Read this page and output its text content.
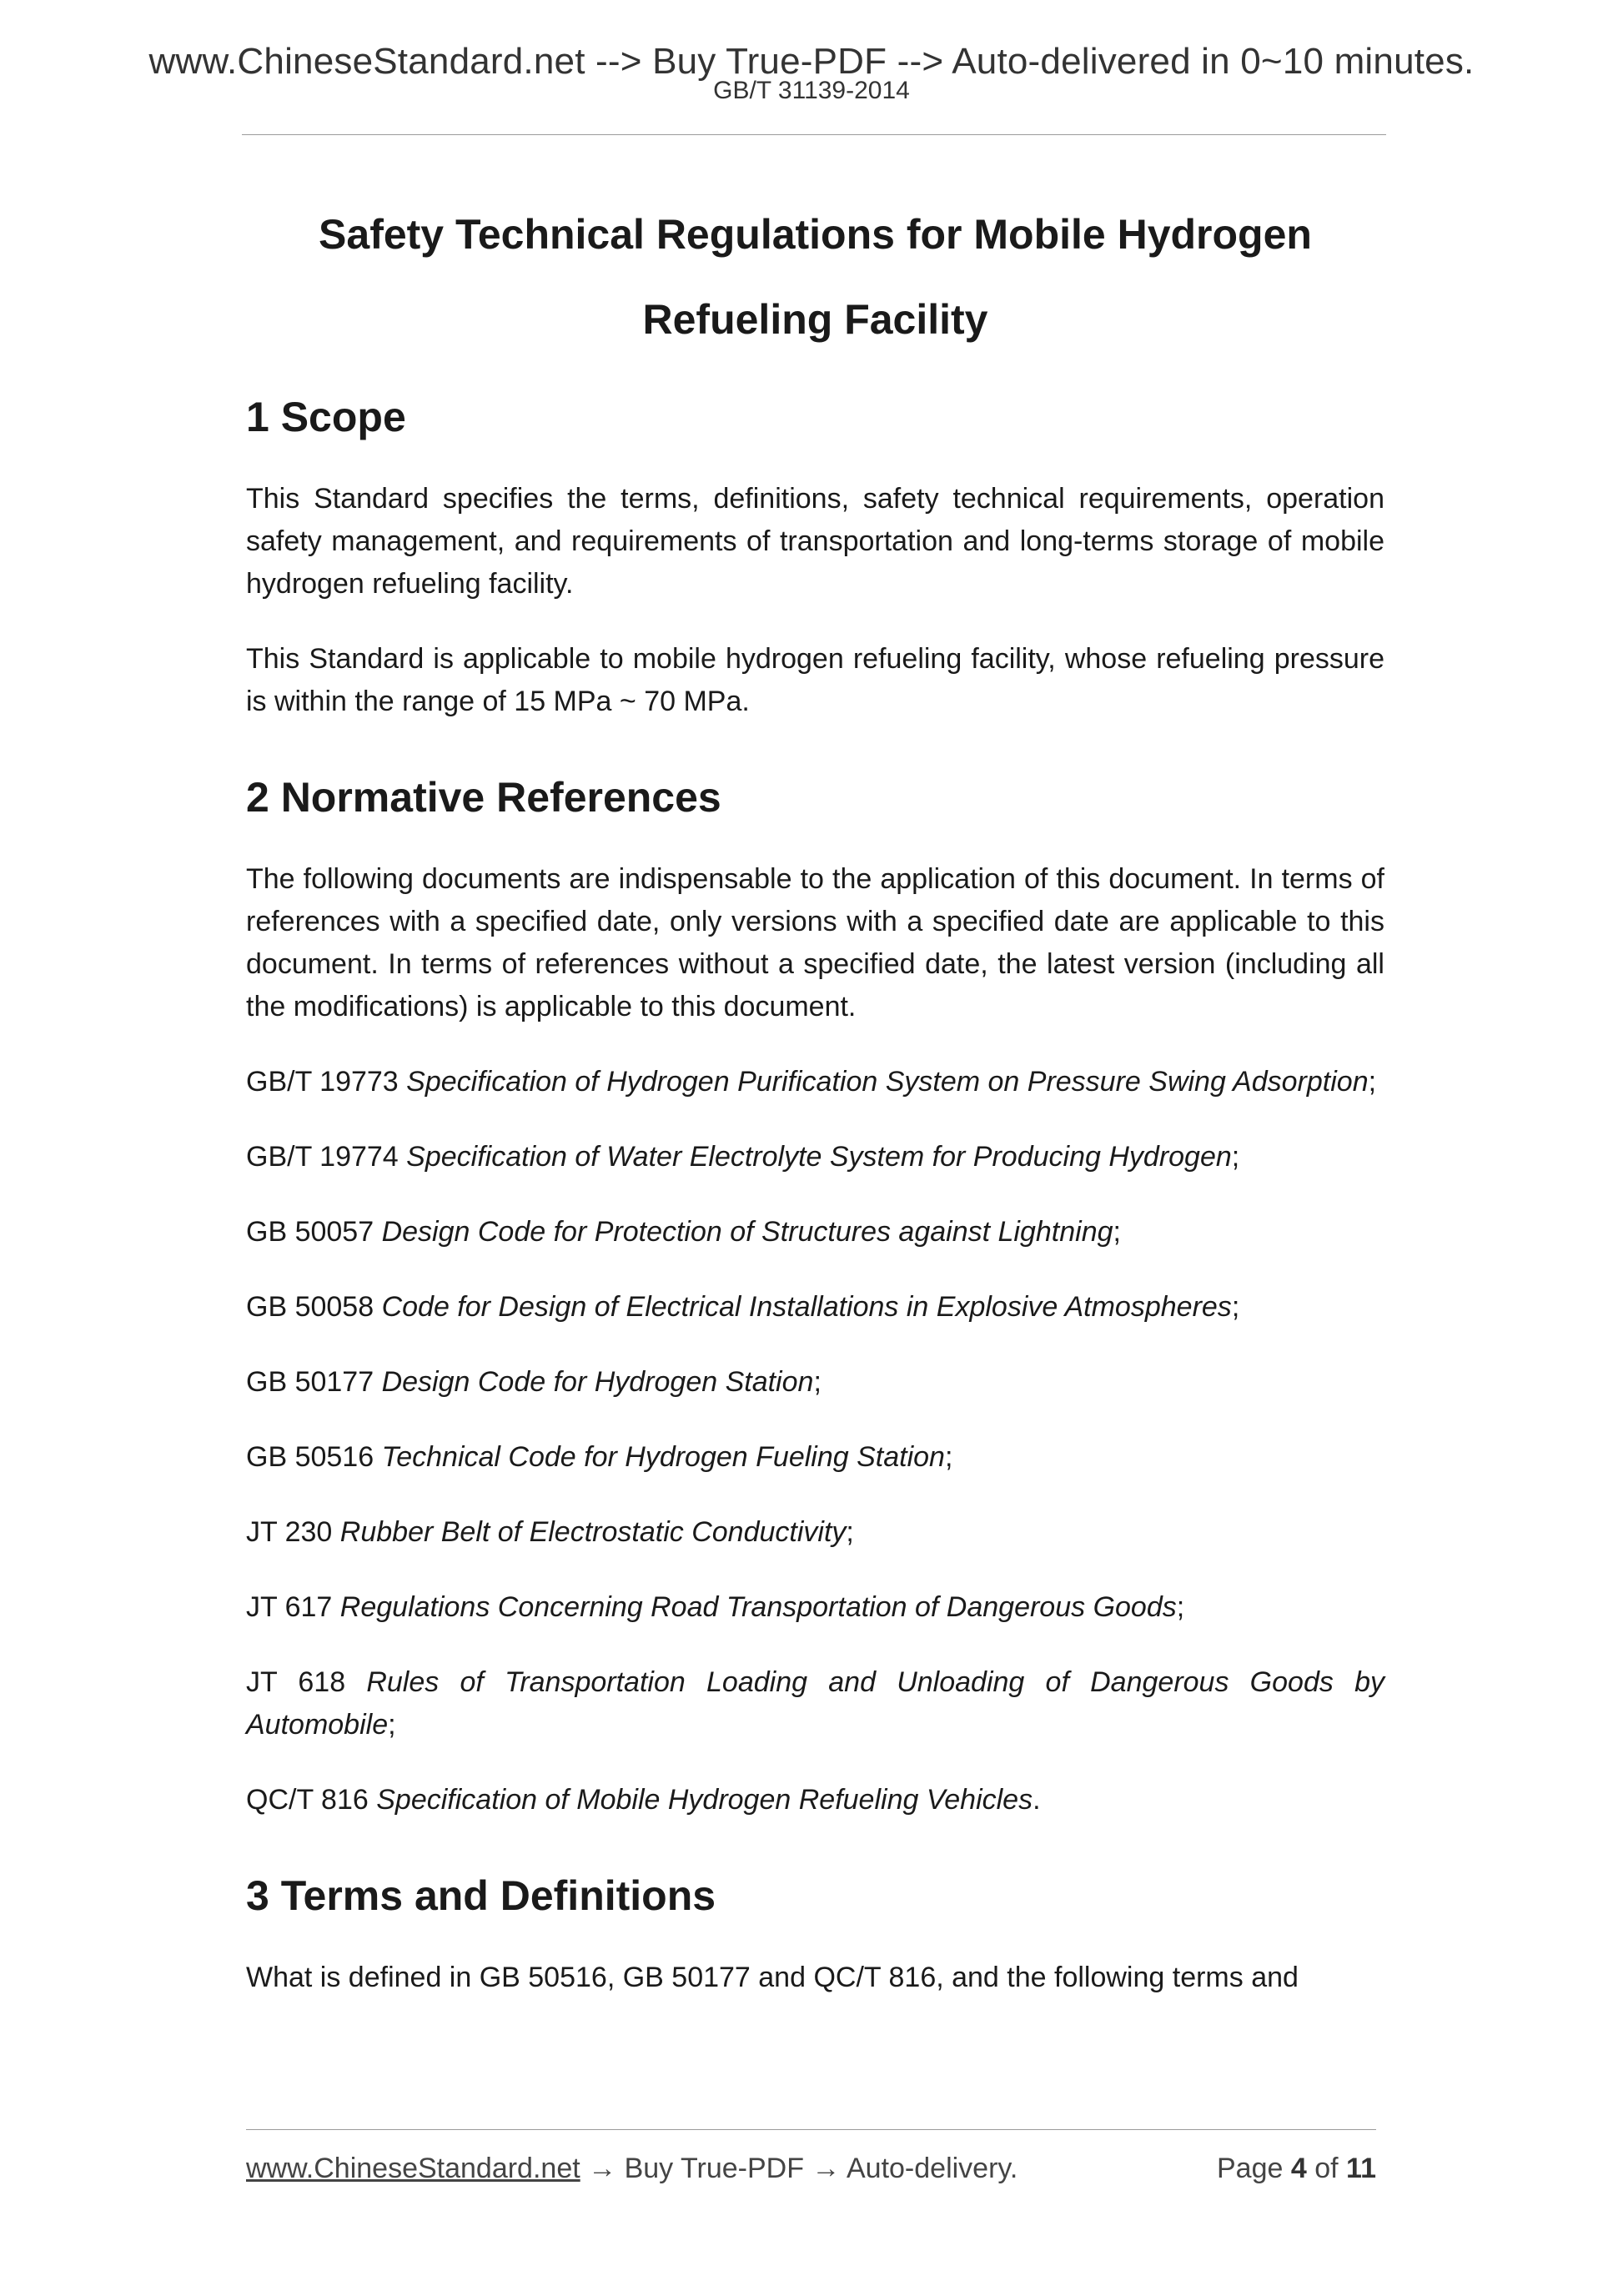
www.ChineseStandard.net --> Buy True-PDF --> Auto-delivered in 0~10 minutes.
GB/T 31139-2014
Safety Technical Regulations for Mobile Hydrogen
Refueling Facility
1 Scope

This Standard specifies the terms, definitions, safety technical requirements, operation safety management, and requirements of transportation and long-terms storage of mobile hydrogen refueling facility.

This Standard is applicable to mobile hydrogen refueling facility, whose refueling pressure is within the range of 15 MPa ~ 70 MPa.

2 Normative References

The following documents are indispensable to the application of this document. In terms of references with a specified date, only versions with a specified date are applicable to this document. In terms of references without a specified date, the latest version (including all the modifications) is applicable to this document.

GB/T 19773 Specification of Hydrogen Purification System on Pressure Swing Adsorption;

GB/T 19774 Specification of Water Electrolyte System for Producing Hydrogen;

GB 50057 Design Code for Protection of Structures against Lightning;

GB 50058 Code for Design of Electrical Installations in Explosive Atmospheres;

GB 50177 Design Code for Hydrogen Station;

GB 50516 Technical Code for Hydrogen Fueling Station;

JT 230 Rubber Belt of Electrostatic Conductivity;

JT 617 Regulations Concerning Road Transportation of Dangerous Goods;

JT 618 Rules of Transportation Loading and Unloading of Dangerous Goods by Automobile;

QC/T 816 Specification of Mobile Hydrogen Refueling Vehicles.

3 Terms and Definitions

What is defined in GB 50516, GB 50177 and QC/T 816, and the following terms and

www.ChineseStandard.net → Buy True-PDF → Auto-delivery.	Page 4 of 11
